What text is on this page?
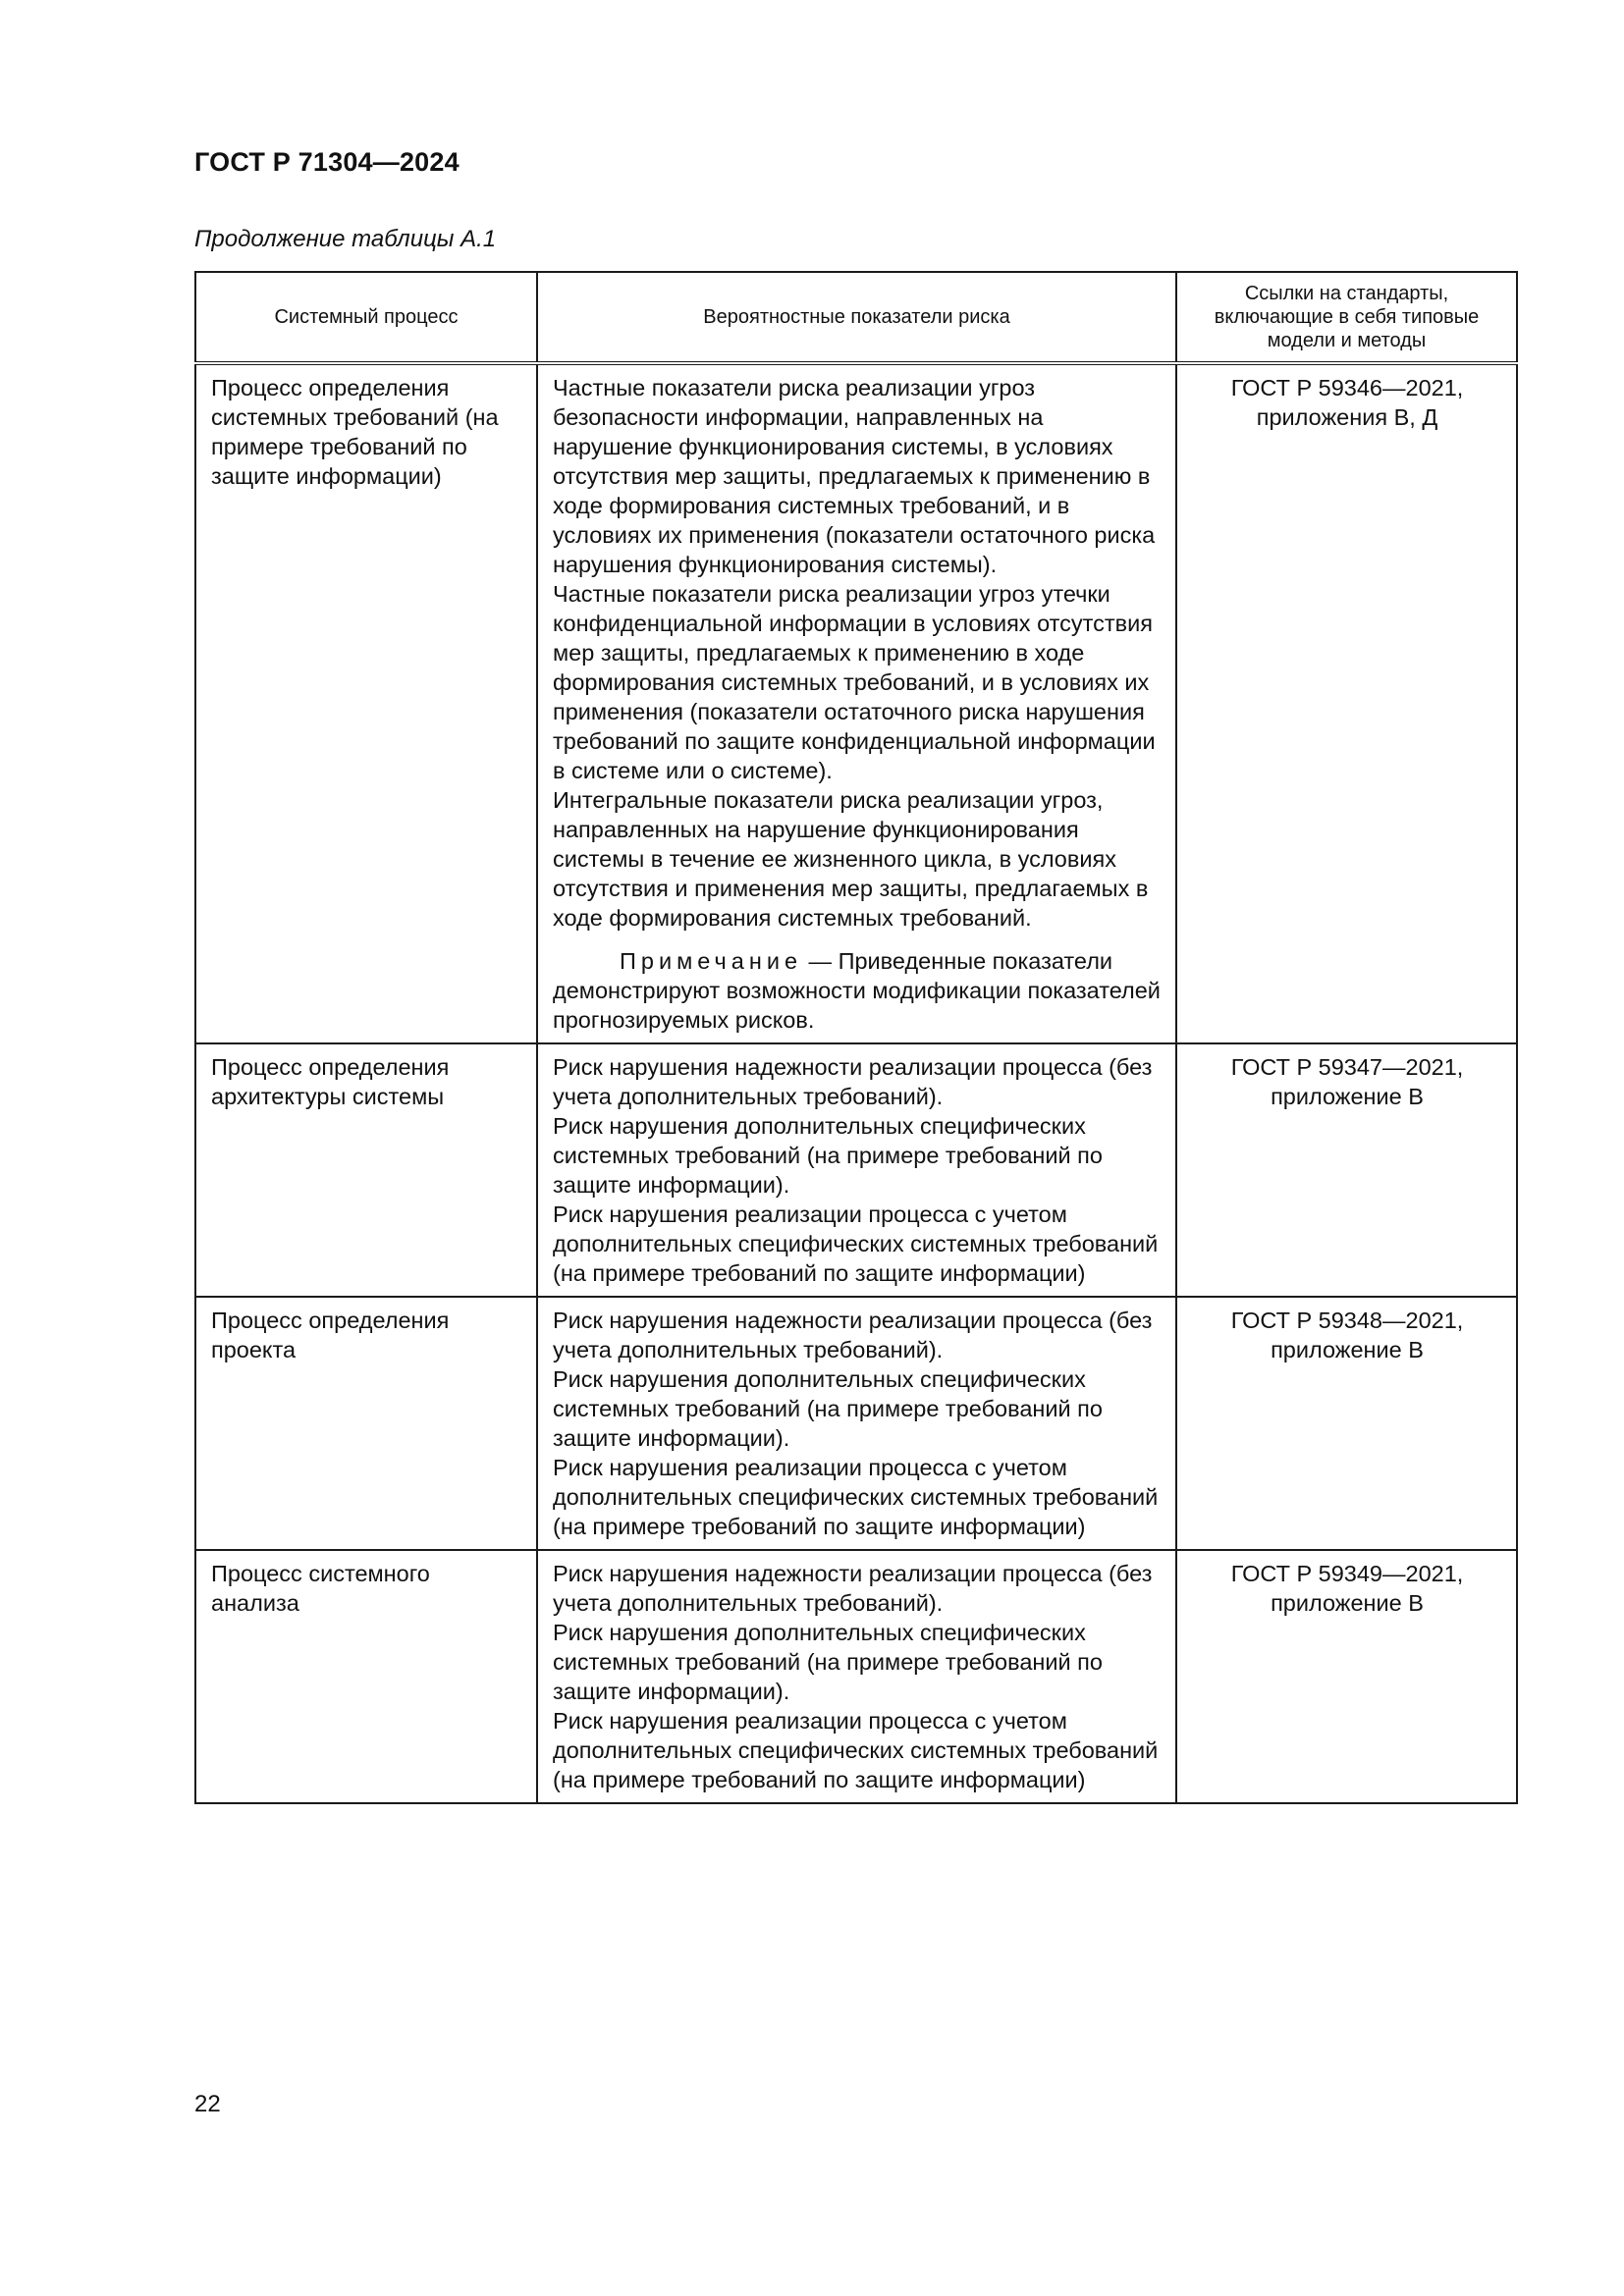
ГОСТ Р 71304—2024
Продолжение таблицы А.1
Системный процесс	Вероятностные показатели риска	Ссылки на стандарты, включающие в себя типовые модели и методы
Процесс определения системных требований (на примере требований по защите информации)	Частные показатели риска реализации угроз безопасности информации, направленных на нарушение функционирования системы, в условиях отсутствия мер защиты, предлагаемых к применению в ходе формирования системных требований, и в условиях их применения (показатели остаточного риска нарушения функционирования системы).
Частные показатели риска реализации угроз утечки конфиденциальной информации в условиях отсутствия мер защиты, предлагаемых к применению в ходе формирования системных требований, и в условиях их применения (показатели остаточного риска нарушения требований по защите конфиденциальной информации в системе или о системе).
Интегральные показатели риска реализации угроз, направленных на нарушение функционирования системы в течение ее жизненного цикла, в условиях отсутствия и применения мер защиты, предлагаемых в ходе формирования системных требований.
Примечание — Приведенные показатели демонстрируют возможности модификации показателей прогнозируемых рисков.	ГОСТ Р 59346—2021, приложения В, Д
Процесс определения архитектуры системы	Риск нарушения надежности реализации процесса (без учета дополнительных требований).
Риск нарушения дополнительных специфических системных требований (на примере требований по защите информации).
Риск нарушения реализации процесса с учетом дополнительных специфических системных требований (на примере требований по защите информации)	ГОСТ Р 59347—2021, приложение В
Процесс определения проекта	Риск нарушения надежности реализации процесса (без учета дополнительных требований).
Риск нарушения дополнительных специфических системных требований (на примере требований по защите информации).
Риск нарушения реализации процесса с учетом дополнительных специфических системных требований (на примере требований по защите информации)	ГОСТ Р 59348—2021, приложение В
Процесс системного анализа	Риск нарушения надежности реализации процесса (без учета дополнительных требований).
Риск нарушения дополнительных специфических системных требований (на примере требований по защите информации).
Риск нарушения реализации процесса с учетом дополнительных специфических системных требований (на примере требований по защите информации)	ГОСТ Р 59349—2021, приложение В
22
